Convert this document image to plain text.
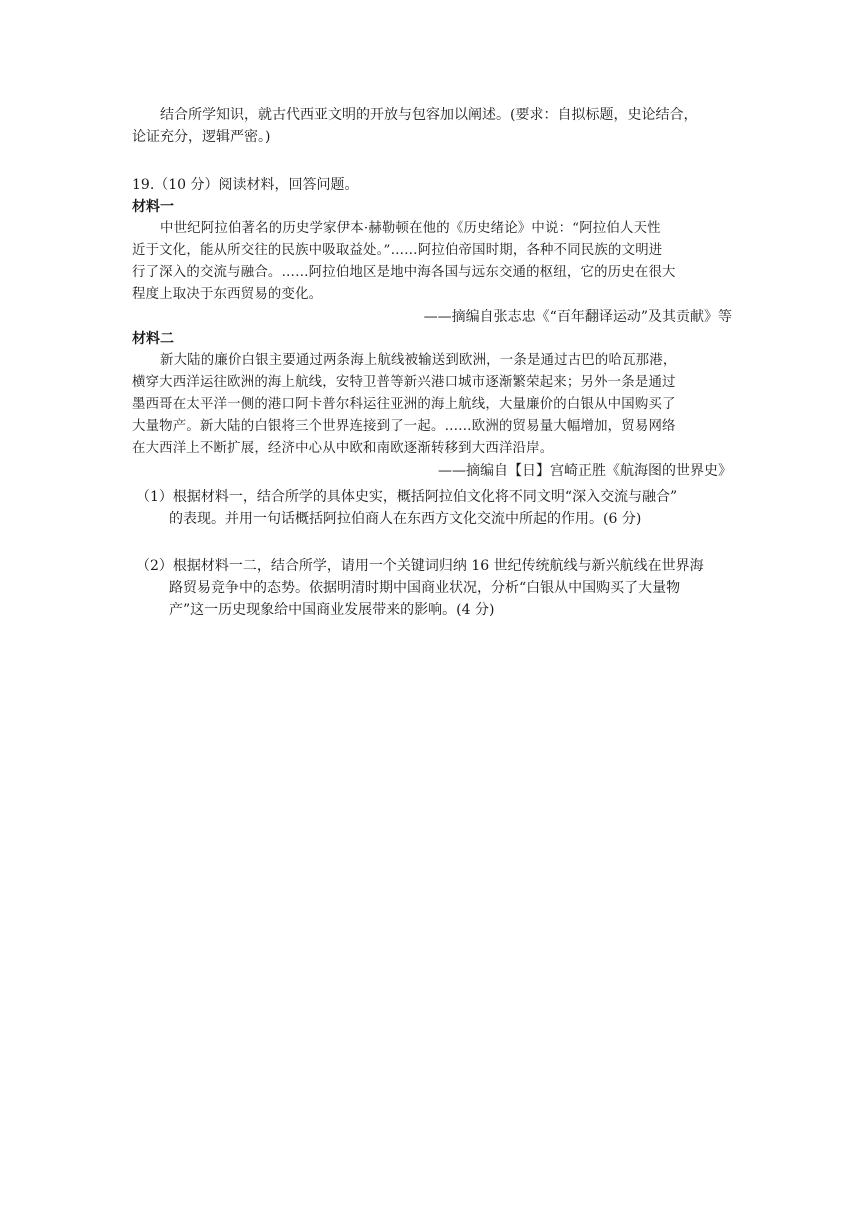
结合所学知识，就古代西亚文明的开放与包容加以阐述。(要求：自拟标题，史论结合，
论证充分，逻辑严密。)
19.（10 分）阅读材料，回答问题。
材料一
中世纪阿拉伯著名的历史学家伊本·赫勒顿在他的《历史绪论》中说：“阿拉伯人天性
近于文化，能从所交往的民族中吸取益处。”……阿拉伯帝国时期，各种不同民族的文明进
行了深入的交流与融合。……阿拉伯地区是地中海各国与远东交通的枢纽，它的历史在很大
程度上取决于东西贸易的变化。
——摘编自张志忠《“百年翻译运动”及其贡献》等
材料二
新大陆的廉价白银主要通过两条海上航线被输送到欧洲，一条是通过古巴的哈瓦那港，
横穿大西洋运往欧洲的海上航线，安特卫普等新兴港口城市逐渐繁荣起来；另外一条是通过
墨西哥在太平洋一侧的港口阿卡普尔科运往亚洲的海上航线，大量廉价的白银从中国购买了
大量物产。新大陆的白银将三个世界连接到了一起。……欧洲的贸易量大幅增加，贸易网络
在大西洋上不断扩展，经济中心从中欧和南欧逐渐转移到大西洋沿岸。
——摘编自【日】宫崎正胜《航海图的世界史》
（1）根据材料一，结合所学的具体史实，概括阿拉伯文化将不同文明“深入交流与融合”
的表现。并用一句话概括阿拉伯商人在东西方文化交流中所起的作用。(6 分)
（2）根据材料一二，结合所学，请用一个关键词归纳 16 世纪传统航线与新兴航线在世界海
路贸易竞争中的态势。依据明清时期中国商业状况，分析“白银从中国购买了大量物
产”这一历史现象给中国商业发展带来的影响。(4 分)
